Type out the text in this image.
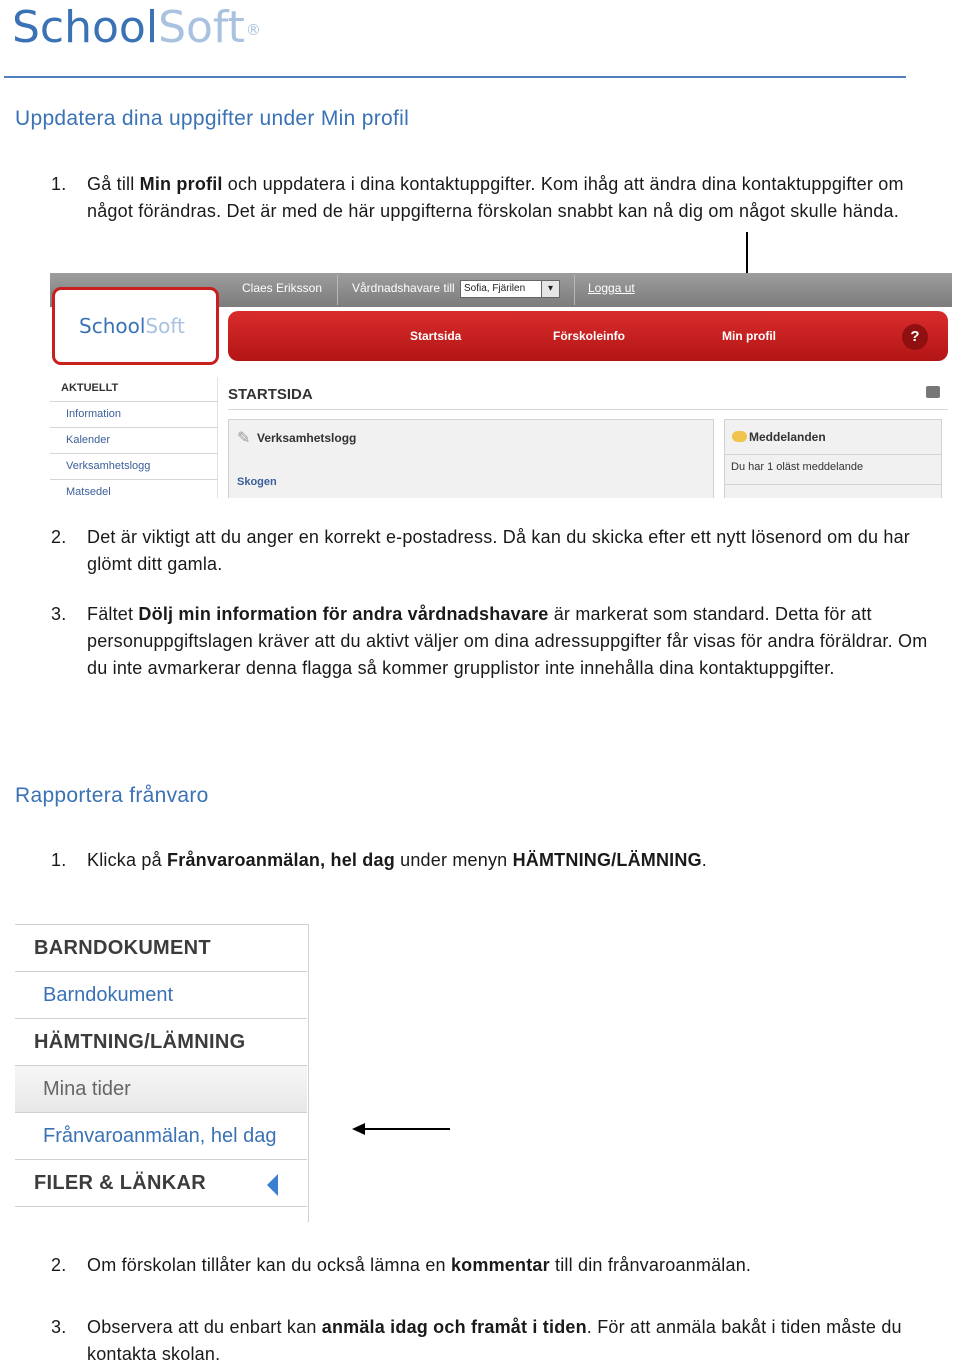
SchoolSoft®
Uppdatera dina uppgifter under Min profil
1. Gå till Min profil och uppdatera i dina kontaktuppgifter. Kom ihåg att ändra dina kontaktuppgifter om något förändras. Det är med de här uppgifterna förskolan snabbt kan nå dig om något skulle hända.
Claes Eriksson Vårdnadshavare till Sofia, Fjärilen	▾	Logga ut
SchoolSoft	Startsida	Förskoleinfo	Min profil	?
AKTUELLT
Information
Kalender
Verksamhetslogg
Matsedel
STARTSIDA
✎ Verksamhetslogg
Skogen
Meddelanden
Du har 1 oläst meddelande
2. Det är viktigt att du anger en korrekt e-postadress. Då kan du skicka efter ett nytt lösenord om du har glömt ditt gamla.
3. Fältet Dölj min information för andra vårdnadshavare är markerat som standard. Detta för att personuppgiftslagen kräver att du aktivt väljer om dina adressuppgifter får visas för andra föräldrar. Om du inte avmarkerar denna flagga så kommer grupplistor inte innehålla dina kontaktuppgifter.
Rapportera frånvaro
1. Klicka på Frånvaroanmälan, hel dag under menyn HÄMTNING/LÄMNING.
BARNDOKUMENT
Barndokument
HÄMTNING/LÄMNING
Mina tider
Frånvaroanmälan, hel dag
FILER & LÄNKAR
2. Om förskolan tillåter kan du också lämna en kommentar till din frånvaroanmälan.
3. Observera att du enbart kan anmäla idag och framåt i tiden. För att anmäla bakåt i tiden måste du kontakta skolan.
